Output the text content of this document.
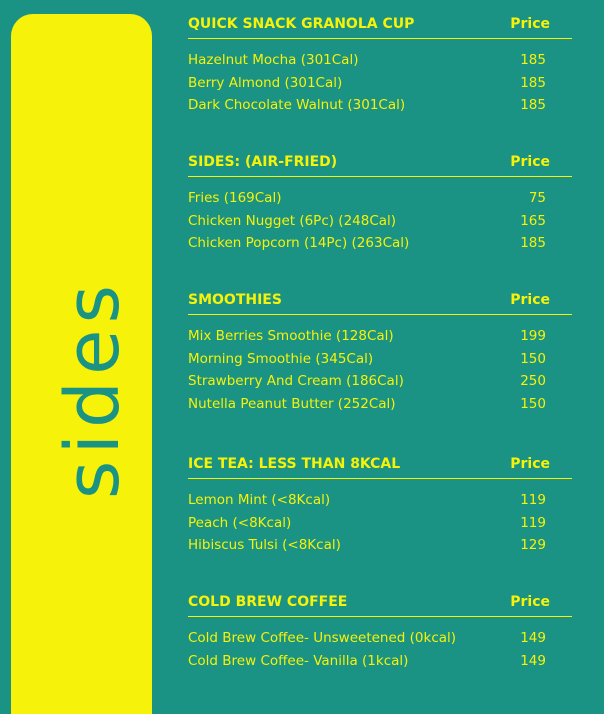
sides
QUICK SNACK GRANOLA CUP	Price
Hazelnut Mocha (301Cal)	185
Berry Almond (301Cal)	185
Dark Chocolate Walnut (301Cal)	185
SIDES: (AIR-FRIED)	Price
Fries (169Cal)	75
Chicken Nugget (6Pc) (248Cal)	165
Chicken Popcorn (14Pc) (263Cal)	185
SMOOTHIES	Price
Mix Berries Smoothie (128Cal)	199
Morning Smoothie (345Cal)	150
Strawberry And Cream (186Cal)	250
Nutella Peanut Butter (252Cal)	150
ICE TEA: LESS THAN 8KCAL	Price
Lemon Mint (<8Kcal)	119
Peach (<8Kcal)	119
Hibiscus Tulsi (<8Kcal)	129
COLD BREW COFFEE	Price
Cold Brew Coffee- Unsweetened (0kcal)	149
Cold Brew Coffee- Vanilla (1kcal)	149
